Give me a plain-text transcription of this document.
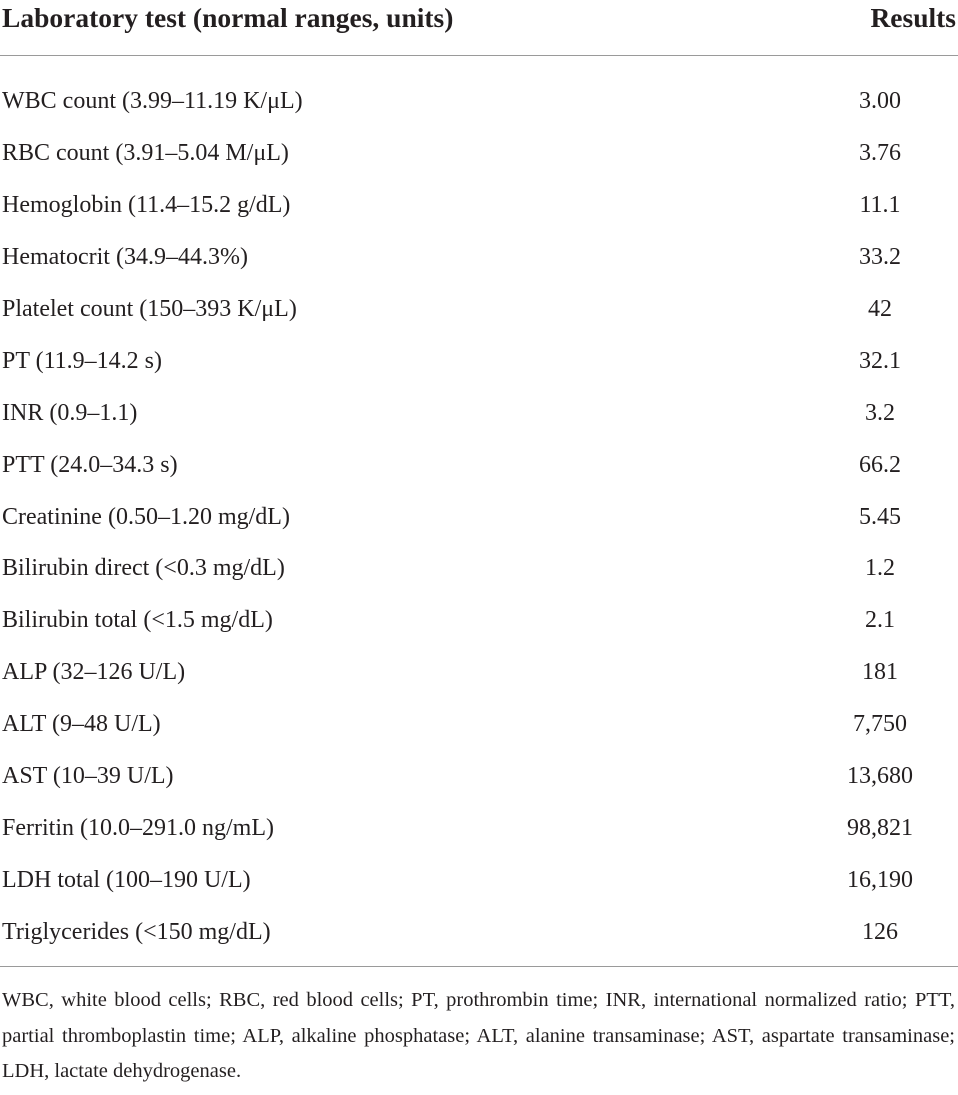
Laboratory test (normal ranges, units)	Results
WBC count (3.99–11.19 K/μL)	3.00
RBC count (3.91–5.04 M/μL)	3.76
Hemoglobin (11.4–15.2 g/dL)	11.1
Hematocrit (34.9–44.3%)	33.2
Platelet count (150–393 K/μL)	42
PT (11.9–14.2 s)	32.1
INR (0.9–1.1)	3.2
PTT (24.0–34.3 s)	66.2
Creatinine (0.50–1.20 mg/dL)	5.45
Bilirubin direct (<0.3 mg/dL)	1.2
Bilirubin total (<1.5 mg/dL)	2.1
ALP (32–126 U/L)	181
ALT (9–48 U/L)	7,750
AST (10–39 U/L)	13,680
Ferritin (10.0–291.0 ng/mL)	98,821
LDH total (100–190 U/L)	16,190
Triglycerides (<150 mg/dL)	126
WBC, white blood cells; RBC, red blood cells; PT, prothrombin time; INR, international normalized ratio; PTT, partial thromboplastin time; ALP, alkaline phosphatase; ALT, alanine transaminase; AST, aspartate transaminase; LDH, lactate dehydrogenase.
